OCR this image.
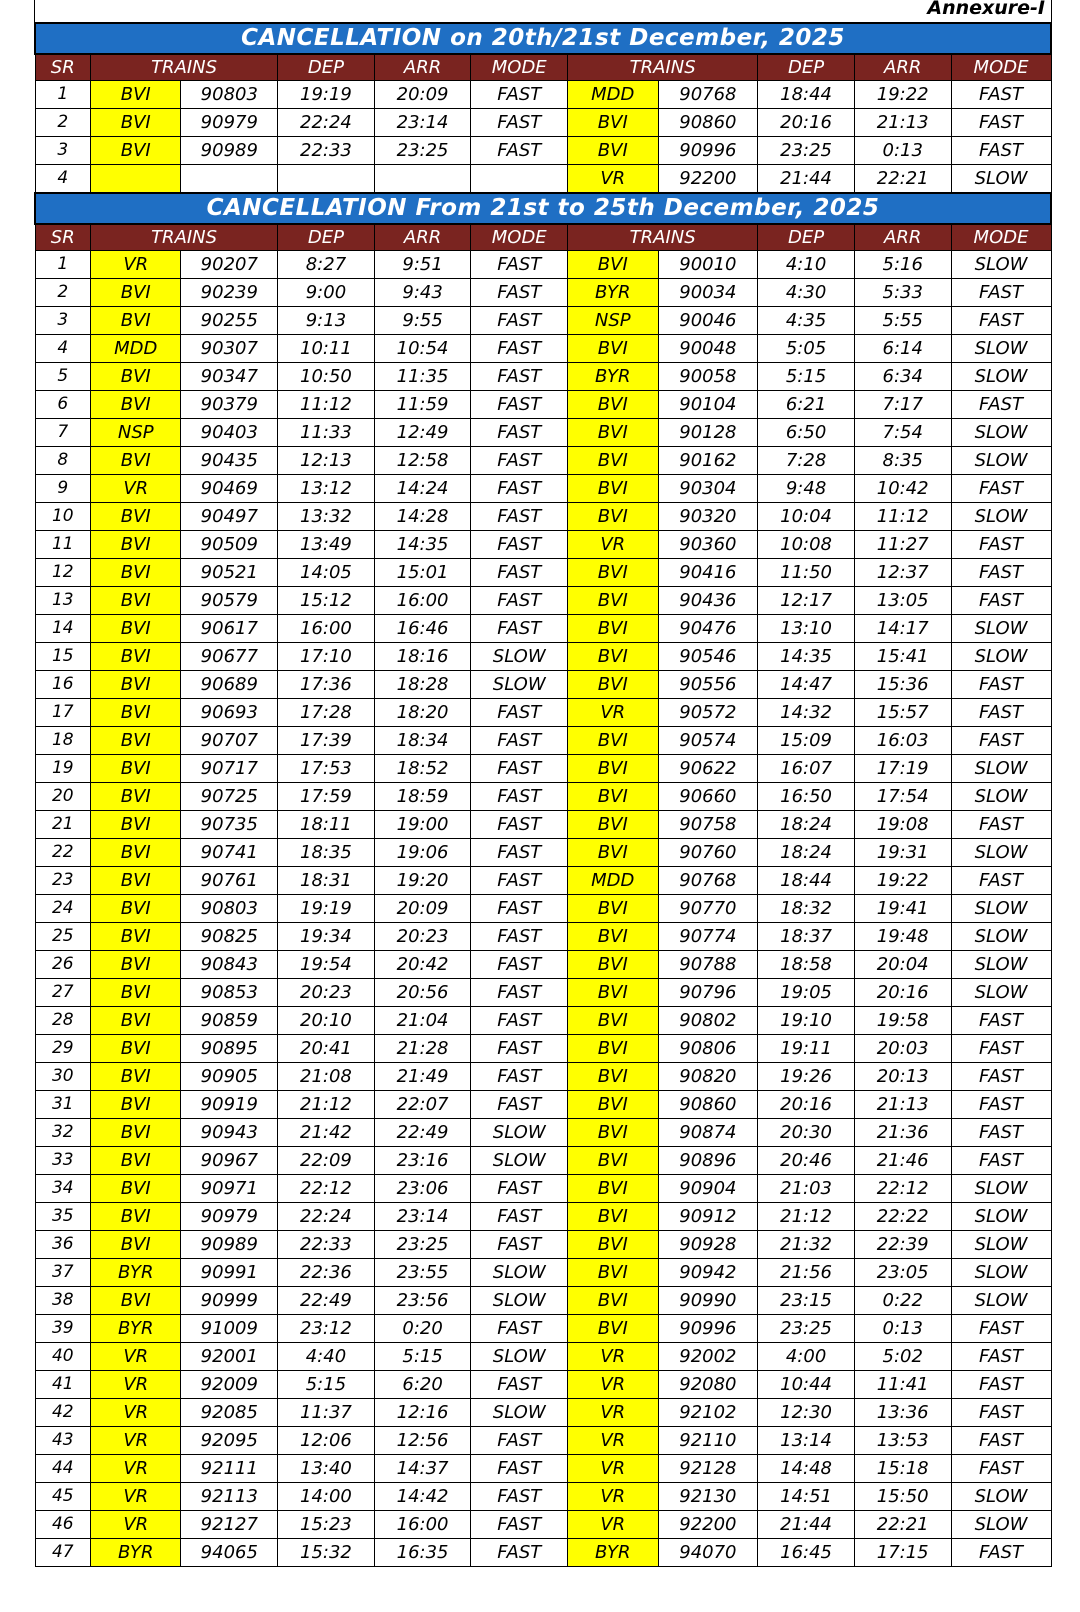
Annexure-I
CANCELLATION on 20th/21st December, 2025										
SR	TRAINS		DEP	ARR	MODE	TRAINS		DEP	ARR	MODE
1	BVI	90803	19:19	20:09	FAST	MDD	90768	18:44	19:22	FAST
2	BVI	90979	22:24	23:14	FAST	BVI	90860	20:16	21:13	FAST
3	BVI	90989	22:33	23:25	FAST	BVI	90996	23:25	0:13	FAST
4						VR	92200	21:44	22:21	SLOW
CANCELLATION From 21st to 25th December, 2025										
SR	TRAINS		DEP	ARR	MODE	TRAINS		DEP	ARR	MODE
1	VR	90207	8:27	9:51	FAST	BVI	90010	4:10	5:16	SLOW
2	BVI	90239	9:00	9:43	FAST	BYR	90034	4:30	5:33	FAST
3	BVI	90255	9:13	9:55	FAST	NSP	90046	4:35	5:55	FAST
4	MDD	90307	10:11	10:54	FAST	BVI	90048	5:05	6:14	SLOW
5	BVI	90347	10:50	11:35	FAST	BYR	90058	5:15	6:34	SLOW
6	BVI	90379	11:12	11:59	FAST	BVI	90104	6:21	7:17	FAST
7	NSP	90403	11:33	12:49	FAST	BVI	90128	6:50	7:54	SLOW
8	BVI	90435	12:13	12:58	FAST	BVI	90162	7:28	8:35	SLOW
9	VR	90469	13:12	14:24	FAST	BVI	90304	9:48	10:42	FAST
10	BVI	90497	13:32	14:28	FAST	BVI	90320	10:04	11:12	SLOW
11	BVI	90509	13:49	14:35	FAST	VR	90360	10:08	11:27	FAST
12	BVI	90521	14:05	15:01	FAST	BVI	90416	11:50	12:37	FAST
13	BVI	90579	15:12	16:00	FAST	BVI	90436	12:17	13:05	FAST
14	BVI	90617	16:00	16:46	FAST	BVI	90476	13:10	14:17	SLOW
15	BVI	90677	17:10	18:16	SLOW	BVI	90546	14:35	15:41	SLOW
16	BVI	90689	17:36	18:28	SLOW	BVI	90556	14:47	15:36	FAST
17	BVI	90693	17:28	18:20	FAST	VR	90572	14:32	15:57	FAST
18	BVI	90707	17:39	18:34	FAST	BVI	90574	15:09	16:03	FAST
19	BVI	90717	17:53	18:52	FAST	BVI	90622	16:07	17:19	SLOW
20	BVI	90725	17:59	18:59	FAST	BVI	90660	16:50	17:54	SLOW
21	BVI	90735	18:11	19:00	FAST	BVI	90758	18:24	19:08	FAST
22	BVI	90741	18:35	19:06	FAST	BVI	90760	18:24	19:31	SLOW
23	BVI	90761	18:31	19:20	FAST	MDD	90768	18:44	19:22	FAST
24	BVI	90803	19:19	20:09	FAST	BVI	90770	18:32	19:41	SLOW
25	BVI	90825	19:34	20:23	FAST	BVI	90774	18:37	19:48	SLOW
26	BVI	90843	19:54	20:42	FAST	BVI	90788	18:58	20:04	SLOW
27	BVI	90853	20:23	20:56	FAST	BVI	90796	19:05	20:16	SLOW
28	BVI	90859	20:10	21:04	FAST	BVI	90802	19:10	19:58	FAST
29	BVI	90895	20:41	21:28	FAST	BVI	90806	19:11	20:03	FAST
30	BVI	90905	21:08	21:49	FAST	BVI	90820	19:26	20:13	FAST
31	BVI	90919	21:12	22:07	FAST	BVI	90860	20:16	21:13	FAST
32	BVI	90943	21:42	22:49	SLOW	BVI	90874	20:30	21:36	FAST
33	BVI	90967	22:09	23:16	SLOW	BVI	90896	20:46	21:46	FAST
34	BVI	90971	22:12	23:06	FAST	BVI	90904	21:03	22:12	SLOW
35	BVI	90979	22:24	23:14	FAST	BVI	90912	21:12	22:22	SLOW
36	BVI	90989	22:33	23:25	FAST	BVI	90928	21:32	22:39	SLOW
37	BYR	90991	22:36	23:55	SLOW	BVI	90942	21:56	23:05	SLOW
38	BVI	90999	22:49	23:56	SLOW	BVI	90990	23:15	0:22	SLOW
39	BYR	91009	23:12	0:20	FAST	BVI	90996	23:25	0:13	FAST
40	VR	92001	4:40	5:15	SLOW	VR	92002	4:00	5:02	FAST
41	VR	92009	5:15	6:20	FAST	VR	92080	10:44	11:41	FAST
42	VR	92085	11:37	12:16	SLOW	VR	92102	12:30	13:36	FAST
43	VR	92095	12:06	12:56	FAST	VR	92110	13:14	13:53	FAST
44	VR	92111	13:40	14:37	FAST	VR	92128	14:48	15:18	FAST
45	VR	92113	14:00	14:42	FAST	VR	92130	14:51	15:50	SLOW
46	VR	92127	15:23	16:00	FAST	VR	92200	21:44	22:21	SLOW
47	BYR	94065	15:32	16:35	FAST	BYR	94070	16:45	17:15	FAST
